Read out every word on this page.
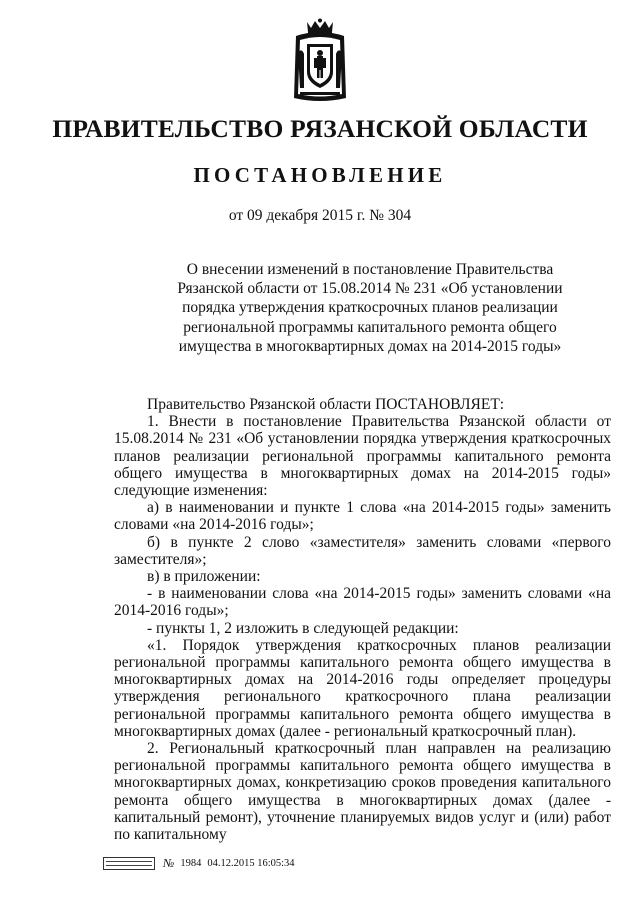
ПРАВИТЕЛЬСТВО РЯЗАНСКОЙ ОБЛАСТИ
ПОСТАНОВЛЕНИЕ
от 09 декабря 2015 г. № 304
О внесении изменений в постановление Правительства
Рязанской области от 15.08.2014 № 231 «Об установлении
порядка утверждения краткосрочных планов реализации
региональной программы капитального ремонта общего
имущества в многоквартирных домах на 2014-2015 годы»

Правительство Рязанской области ПОСТАНОВЛЯЕТ:

1. Внести в постановление Правительства Рязанской области от 15.08.2014 № 231 «Об установлении порядка утверждения краткосрочных планов реализации региональной программы капитального ремонта общего имущества в многоквартирных домах на 2014-2015 годы» следующие изменения:

а) в наименовании и пункте 1 слова «на 2014-2015 годы» заменить словами «на 2014-2016 годы»;

б) в пункте 2 слово «заместителя» заменить словами «первого заместителя»;

в) в приложении:

- в наименовании слова «на 2014-2015 годы» заменить словами «на 2014-2016 годы»;

- пункты 1, 2 изложить в следующей редакции:

«1. Порядок утверждения краткосрочных планов реализации региональной программы капитального ремонта общего имущества в многоквартирных домах на 2014-2016 годы определяет процедуры утверждения регионального краткосрочного плана реализации региональной программы капитального ремонта общего имущества в многоквартирных домах (далее - региональный краткосрочный план).

2. Региональный краткосрочный план направлен на реализацию региональной программы капитального ремонта общего имущества в многоквартирных домах, конкретизацию сроков проведения капитального ремонта общего имущества в многоквартирных домах (далее - капитальный ремонт), уточнение планируемых видов услуг и (или) работ по капитальному

№ 1984 04.12.2015 16:05:34
